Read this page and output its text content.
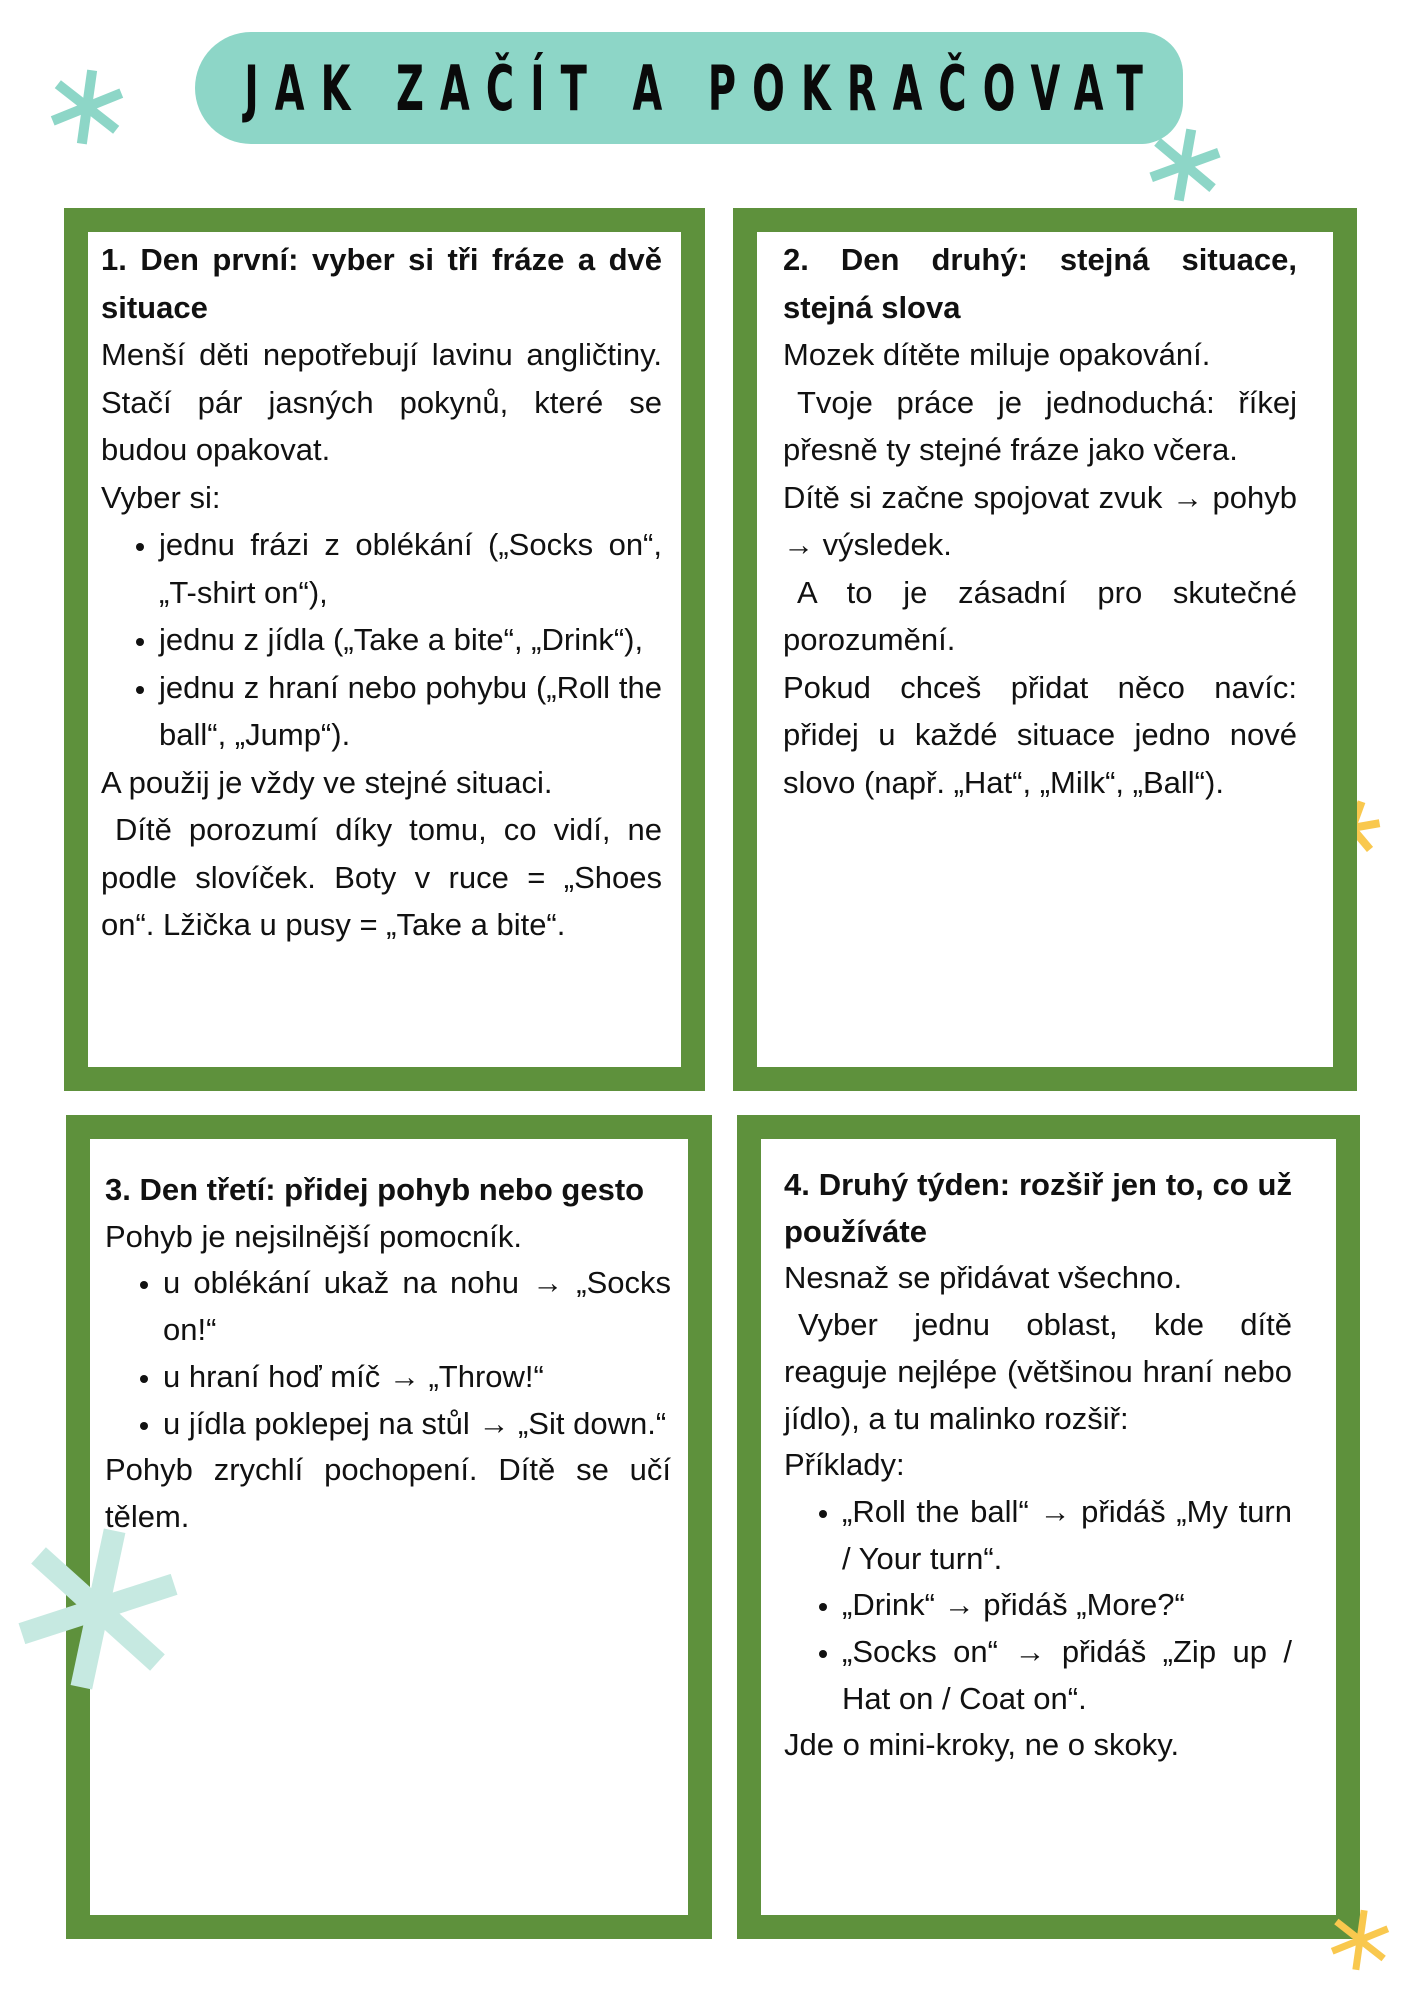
JAK ZAČÍT A POKRAČOVAT

1. Den první: vyber si tři fráze a dvě situace

Menší děti nepotřebují lavinu angličtiny. Stačí pár jasných pokynů, které se budou opakovat.

Vyber si:

• jednu frázi z oblékání („Socks on“, „T-shirt on“),
• jednu z jídla („Take a bite“, „Drink“),
• jednu z hraní nebo pohybu („Roll the ball“, „Jump“).

A použij je vždy ve stejné situaci.

Dítě porozumí díky tomu, co vidí, ne podle slovíček. Boty v ruce = „Shoes on“. Lžička u pusy = „Take a bite“.

2. Den druhý: stejná situace, stejná slova

Mozek dítěte miluje opakování.

Tvoje práce je jednoduchá: říkej přesně ty stejné fráze jako včera.

Dítě si začne spojovat zvuk → pohyb → výsledek.

A to je zásadní pro skutečné porozumění.

Pokud chceš přidat něco navíc: přidej u každé situace jedno nové slovo (např. „Hat“, „Milk“, „Ball“).

3. Den třetí: přidej pohyb nebo gesto

Pohyb je nejsilnější pomocník.

• u oblékání ukaž na nohu → „Socks on!“
• u hraní hoď míč → „Throw!“
• u jídla poklepej na stůl → „Sit down.“

Pohyb zrychlí pochopení. Dítě se učí tělem.

4. Druhý týden: rozšiř jen to, co už používáte

Nesnaž se přidávat všechno.

Vyber jednu oblast, kde dítě reaguje nejlépe (většinou hraní nebo jídlo), a tu malinko rozšiř:

Příklady:

• „Roll the ball“ → přidáš „My turn / Your turn“.
• „Drink“ → přidáš „More?“
• „Socks on“ → přidáš „Zip up / Hat on / Coat on“.

Jde o mini-kroky, ne o skoky.
